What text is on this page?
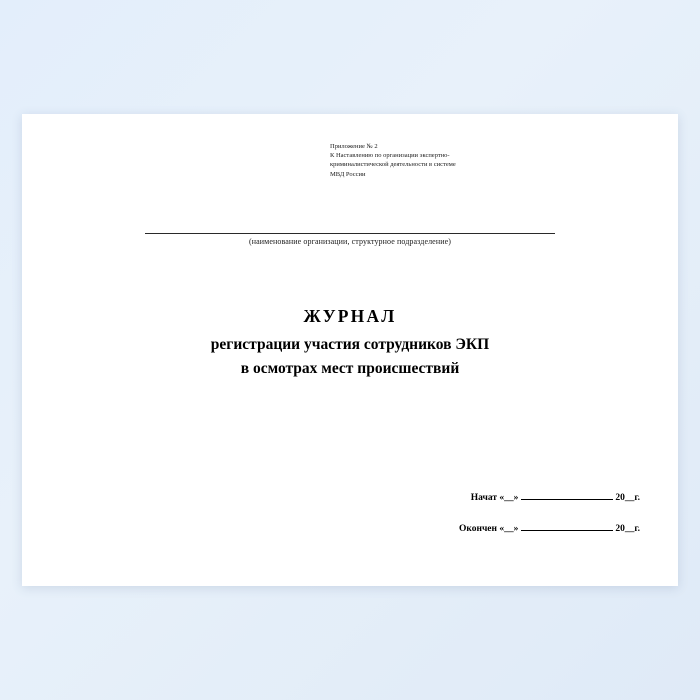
Приложение № 2
К Наставлению по организации экспертно-
криминалистической деятельности в системе
МВД России
(наименование организации, структурное подразделение)
ЖУРНАЛ
регистрации участия сотрудников ЭКП
в осмотрах мест происшествий
Начат «__»	20__г.
Окончен «__»	20__г.
